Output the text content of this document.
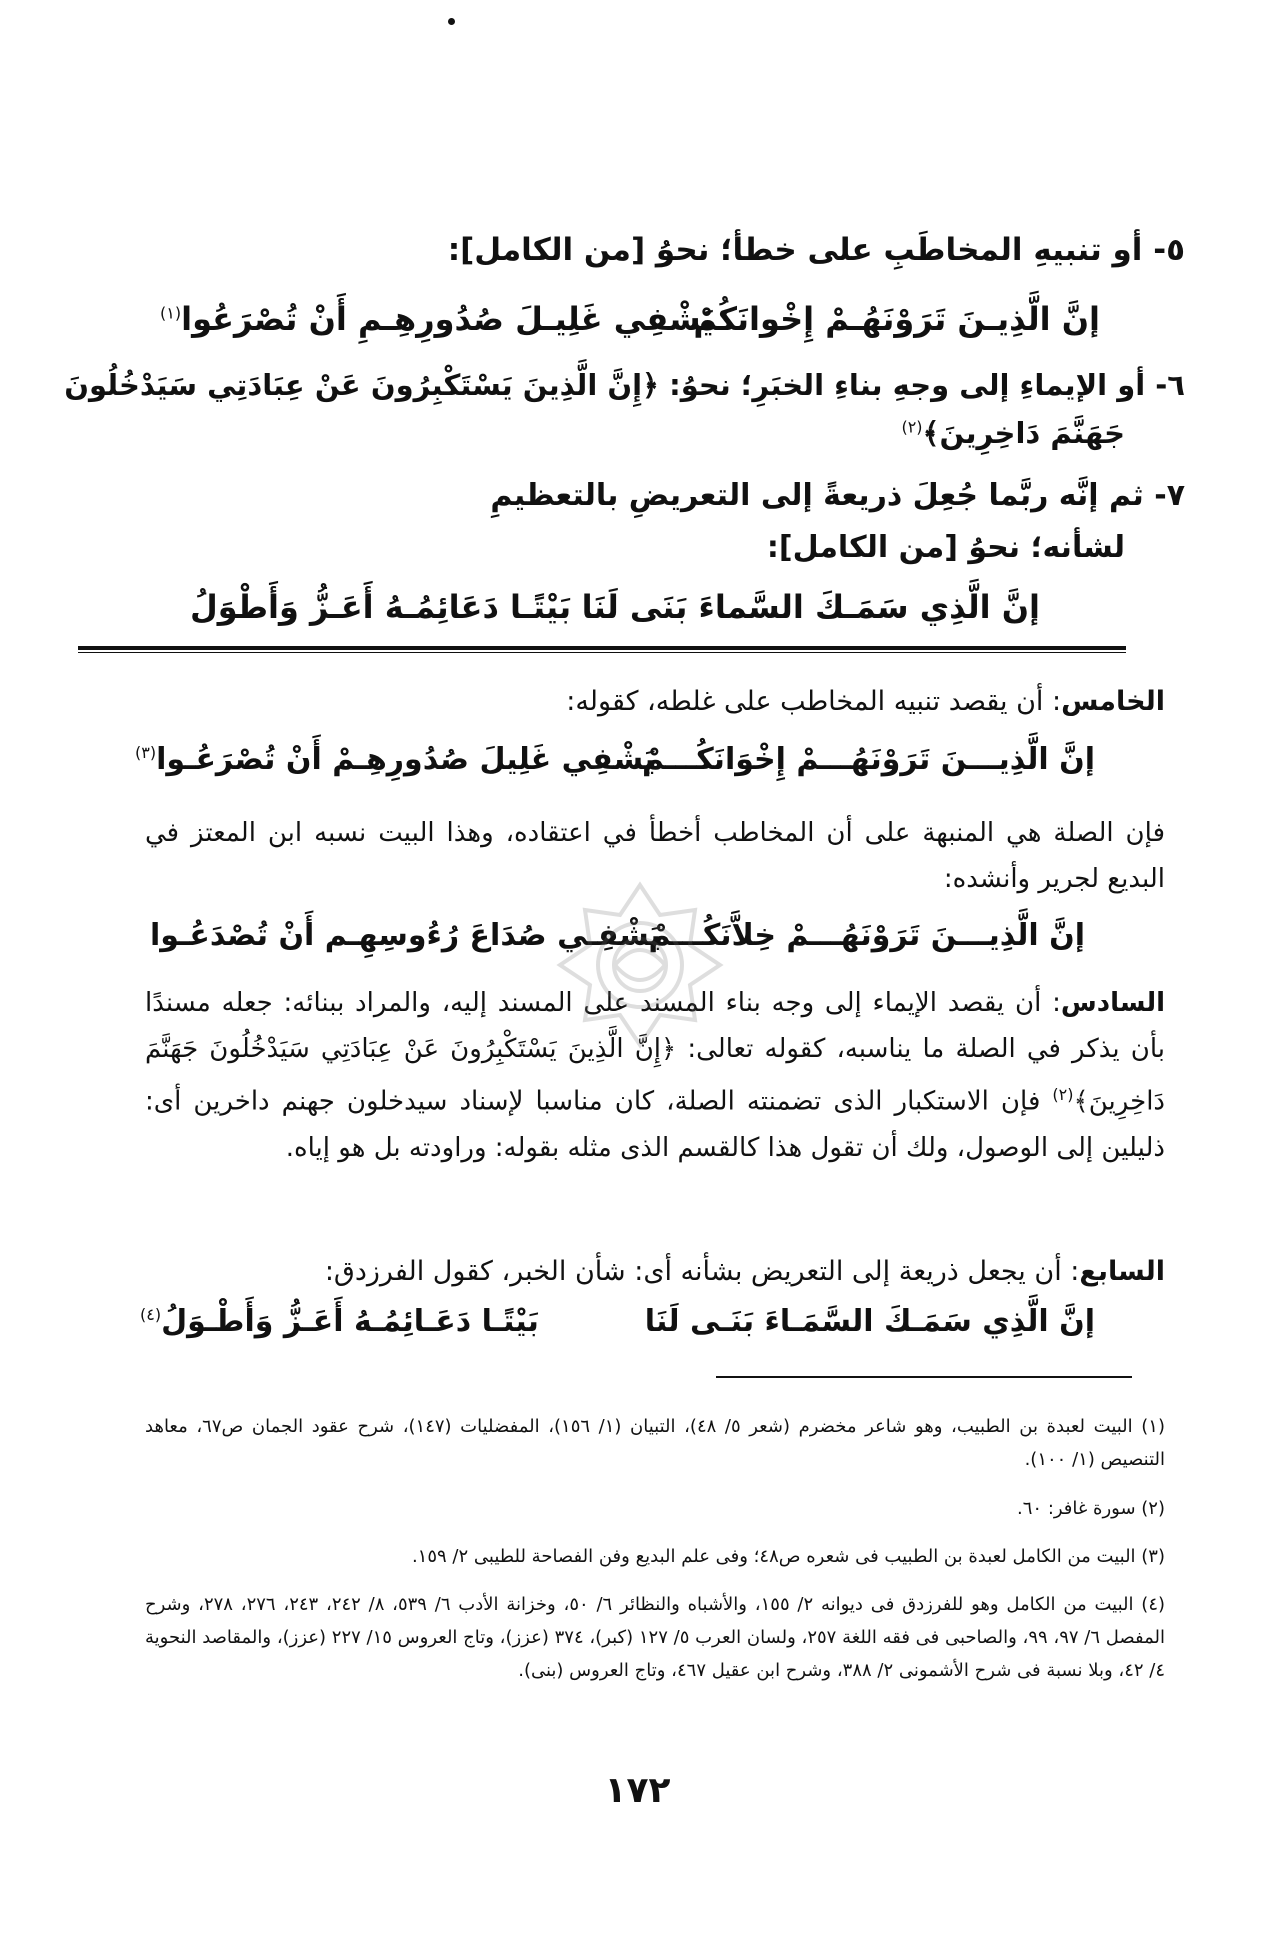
٥- أو تنبيهِ المخاطَبِ على خطأ؛ نحوُ [من الكامل]:
إنَّ الَّذِيـنَ تَرَوْنَهُـمْ إِخْوانَكُمْ
يَشْفِي غَلِيـلَ صُدُورِهِـمِ أَنْ تُصْرَعُوا$^{(١)}$
٦- أو الإيماءِ إلى وجهِ بناءِ الخبَرِ؛ نحوُ: ﴿إِنَّ الَّذِينَ يَسْتَكْبِرُونَ عَنْ عِبَادَتِي سَيَدْخُلُونَ
جَهَنَّمَ دَاخِرِينَ﴾$^{(٢)}$
٧- ثم إنَّه ربَّما جُعِلَ ذريعةً إلى التعريضِ بالتعظيمِ
لشأنه؛ نحوُ [من الكامل]:
إنَّ الَّذِي سَمَـكَ السَّماءَ بَنَى لَنَا
بَيْتًـا دَعَائِمُـهُ أَعَـزُّ وَأَطْوَلُ
الخامس: أن يقصد تنبيه المخاطب على غلطه، كقوله:
إنَّ الَّذِيـــنَ تَرَوْنَهُـــمْ إِخْوَانَكُـــمْ
يَشْفِي غَلِيلَ صُدُورِهِـمْ أَنْ تُصْرَعُـوا$^{(٣)}$
فإن الصلة هي المنبهة على أن المخاطب أخطأ في اعتقاده، وهذا البيت نسبه ابن المعتز في البديع لجرير وأنشده:
إنَّ الَّذِيـــنَ تَرَوْنَهُـــمْ خِلاَّنَكُـــمْ
يَشْفِـي صُدَاعَ رُءُوسِهِـم أَنْ تُصْدَعُـوا
السادس: أن يقصد الإيماء إلى وجه بناء المسند على المسند إليه، والمراد ببنائه: جعله مسندًا بأن يذكر في الصلة ما يناسبه، كقوله تعالى: ﴿إِنَّ الَّذِينَ يَسْتَكْبِرُونَ عَنْ عِبَادَتِي سَيَدْخُلُونَ جَهَنَّمَ دَاخِرِينَ﴾$^{(٢)}$ فإن الاستكبار الذى تضمنته الصلة، كان مناسبا لإسناد سيدخلون جهنم داخرين أى: ذليلين إلى الوصول، ولك أن تقول هذا كالقسم الذى مثله بقوله: وراودته بل هو إياه.
السابع: أن يجعل ذريعة إلى التعريض بشأنه أى: شأن الخبر، كقول الفرزدق:
إنَّ الَّذِي سَمَـكَ السَّمَـاءَ بَنَـى لَنَا
بَيْتًـا دَعَـائِمُـهُ أَعَـزُّ وَأَطْـوَلُ$^{(٤)}$
(١) البيت لعبدة بن الطبيب، وهو شاعر مخضرم (شعر ٥/ ٤٨)، التبيان (١/ ١٥٦)، المفضليات (١٤٧)، شرح عقود الجمان ص٦٧، معاهد التنصيص (١/ ١٠٠).
(٢) سورة غافر: ٦٠.
(٣) البيت من الكامل لعبدة بن الطبيب فى شعره ص٤٨؛ وفى علم البديع وفن الفصاحة للطيبى ٢/ ١٥٩.
(٤) البيت من الكامل وهو للفرزدق فى ديوانه ٢/ ١٥٥، والأشباه والنظائر ٦/ ٥٠، وخزانة الأدب ٦/ ٥٣٩، ٨/ ٢٤٢، ٢٤٣، ٢٧٦، ٢٧٨، وشرح المفصل ٦/ ٩٧، ٩٩، والصاحبى فى فقه اللغة ٢٥٧، ولسان العرب ٥/ ١٢٧ (كبر)، ٣٧٤ (عزز)، وتاج العروس ١٥/ ٢٢٧ (عزز)، والمقاصد النحوية ٤/ ٤٢، وبلا نسبة فى شرح الأشمونى ٢/ ٣٨٨، وشرح ابن عقيل ٤٦٧، وتاج العروس (بنى).
١٧٢
